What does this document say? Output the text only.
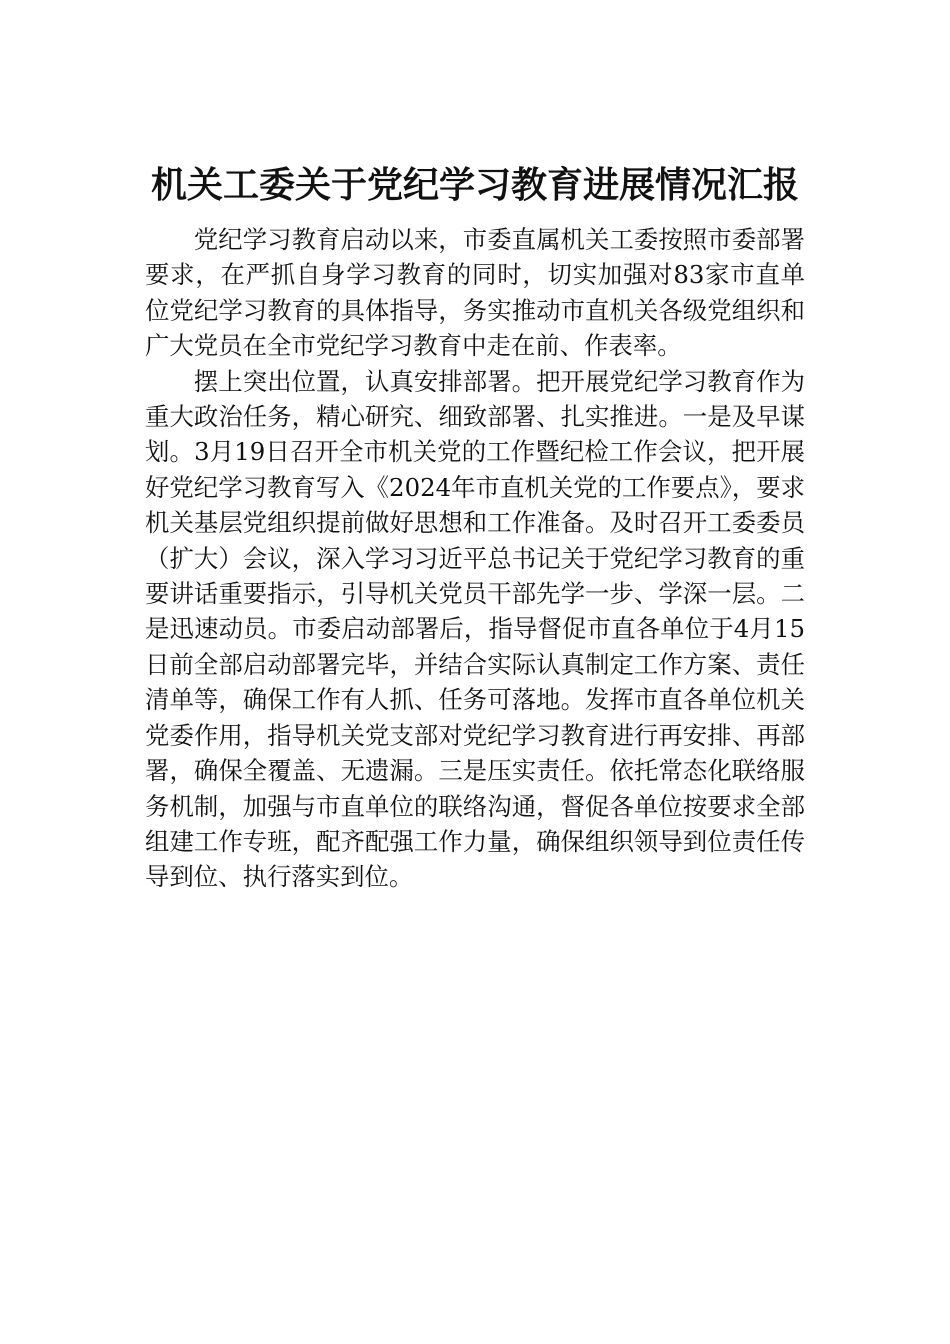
机关工委关于党纪学习教育进展情况汇报

党纪学习教育启动以来，市委直属机关工委按照市委部署要求，在严抓自身学习教育的同时，切实加强对83家市直单位党纪学习教育的具体指导，务实推动市直机关各级党组织和广大党员在全市党纪学习教育中走在前、作表率。

摆上突出位置，认真安排部署。把开展党纪学习教育作为重大政治任务，精心研究、细致部署、扎实推进。一是及早谋划。3月19日召开全市机关党的工作暨纪检工作会议，把开展好党纪学习教育写入《2024年市直机关党的工作要点》，要求机关基层党组织提前做好思想和工作准备。及时召开工委委员（扩大）会议，深入学习习近平总书记关于党纪学习教育的重要讲话重要指示，引导机关党员干部先学一步、学深一层。二是迅速动员。市委启动部署后，指导督促市直各单位于4月15日前全部启动部署完毕，并结合实际认真制定工作方案、责任清单等，确保工作有人抓、任务可落地。发挥市直各单位机关党委作用，指导机关党支部对党纪学习教育进行再安排、再部署，确保全覆盖、无遗漏。三是压实责任。依托常态化联络服务机制，加强与市直单位的联络沟通，督促各单位按要求全部组建工作专班，配齐配强工作力量，确保组织领导到位责任传导到位、执行落实到位。
